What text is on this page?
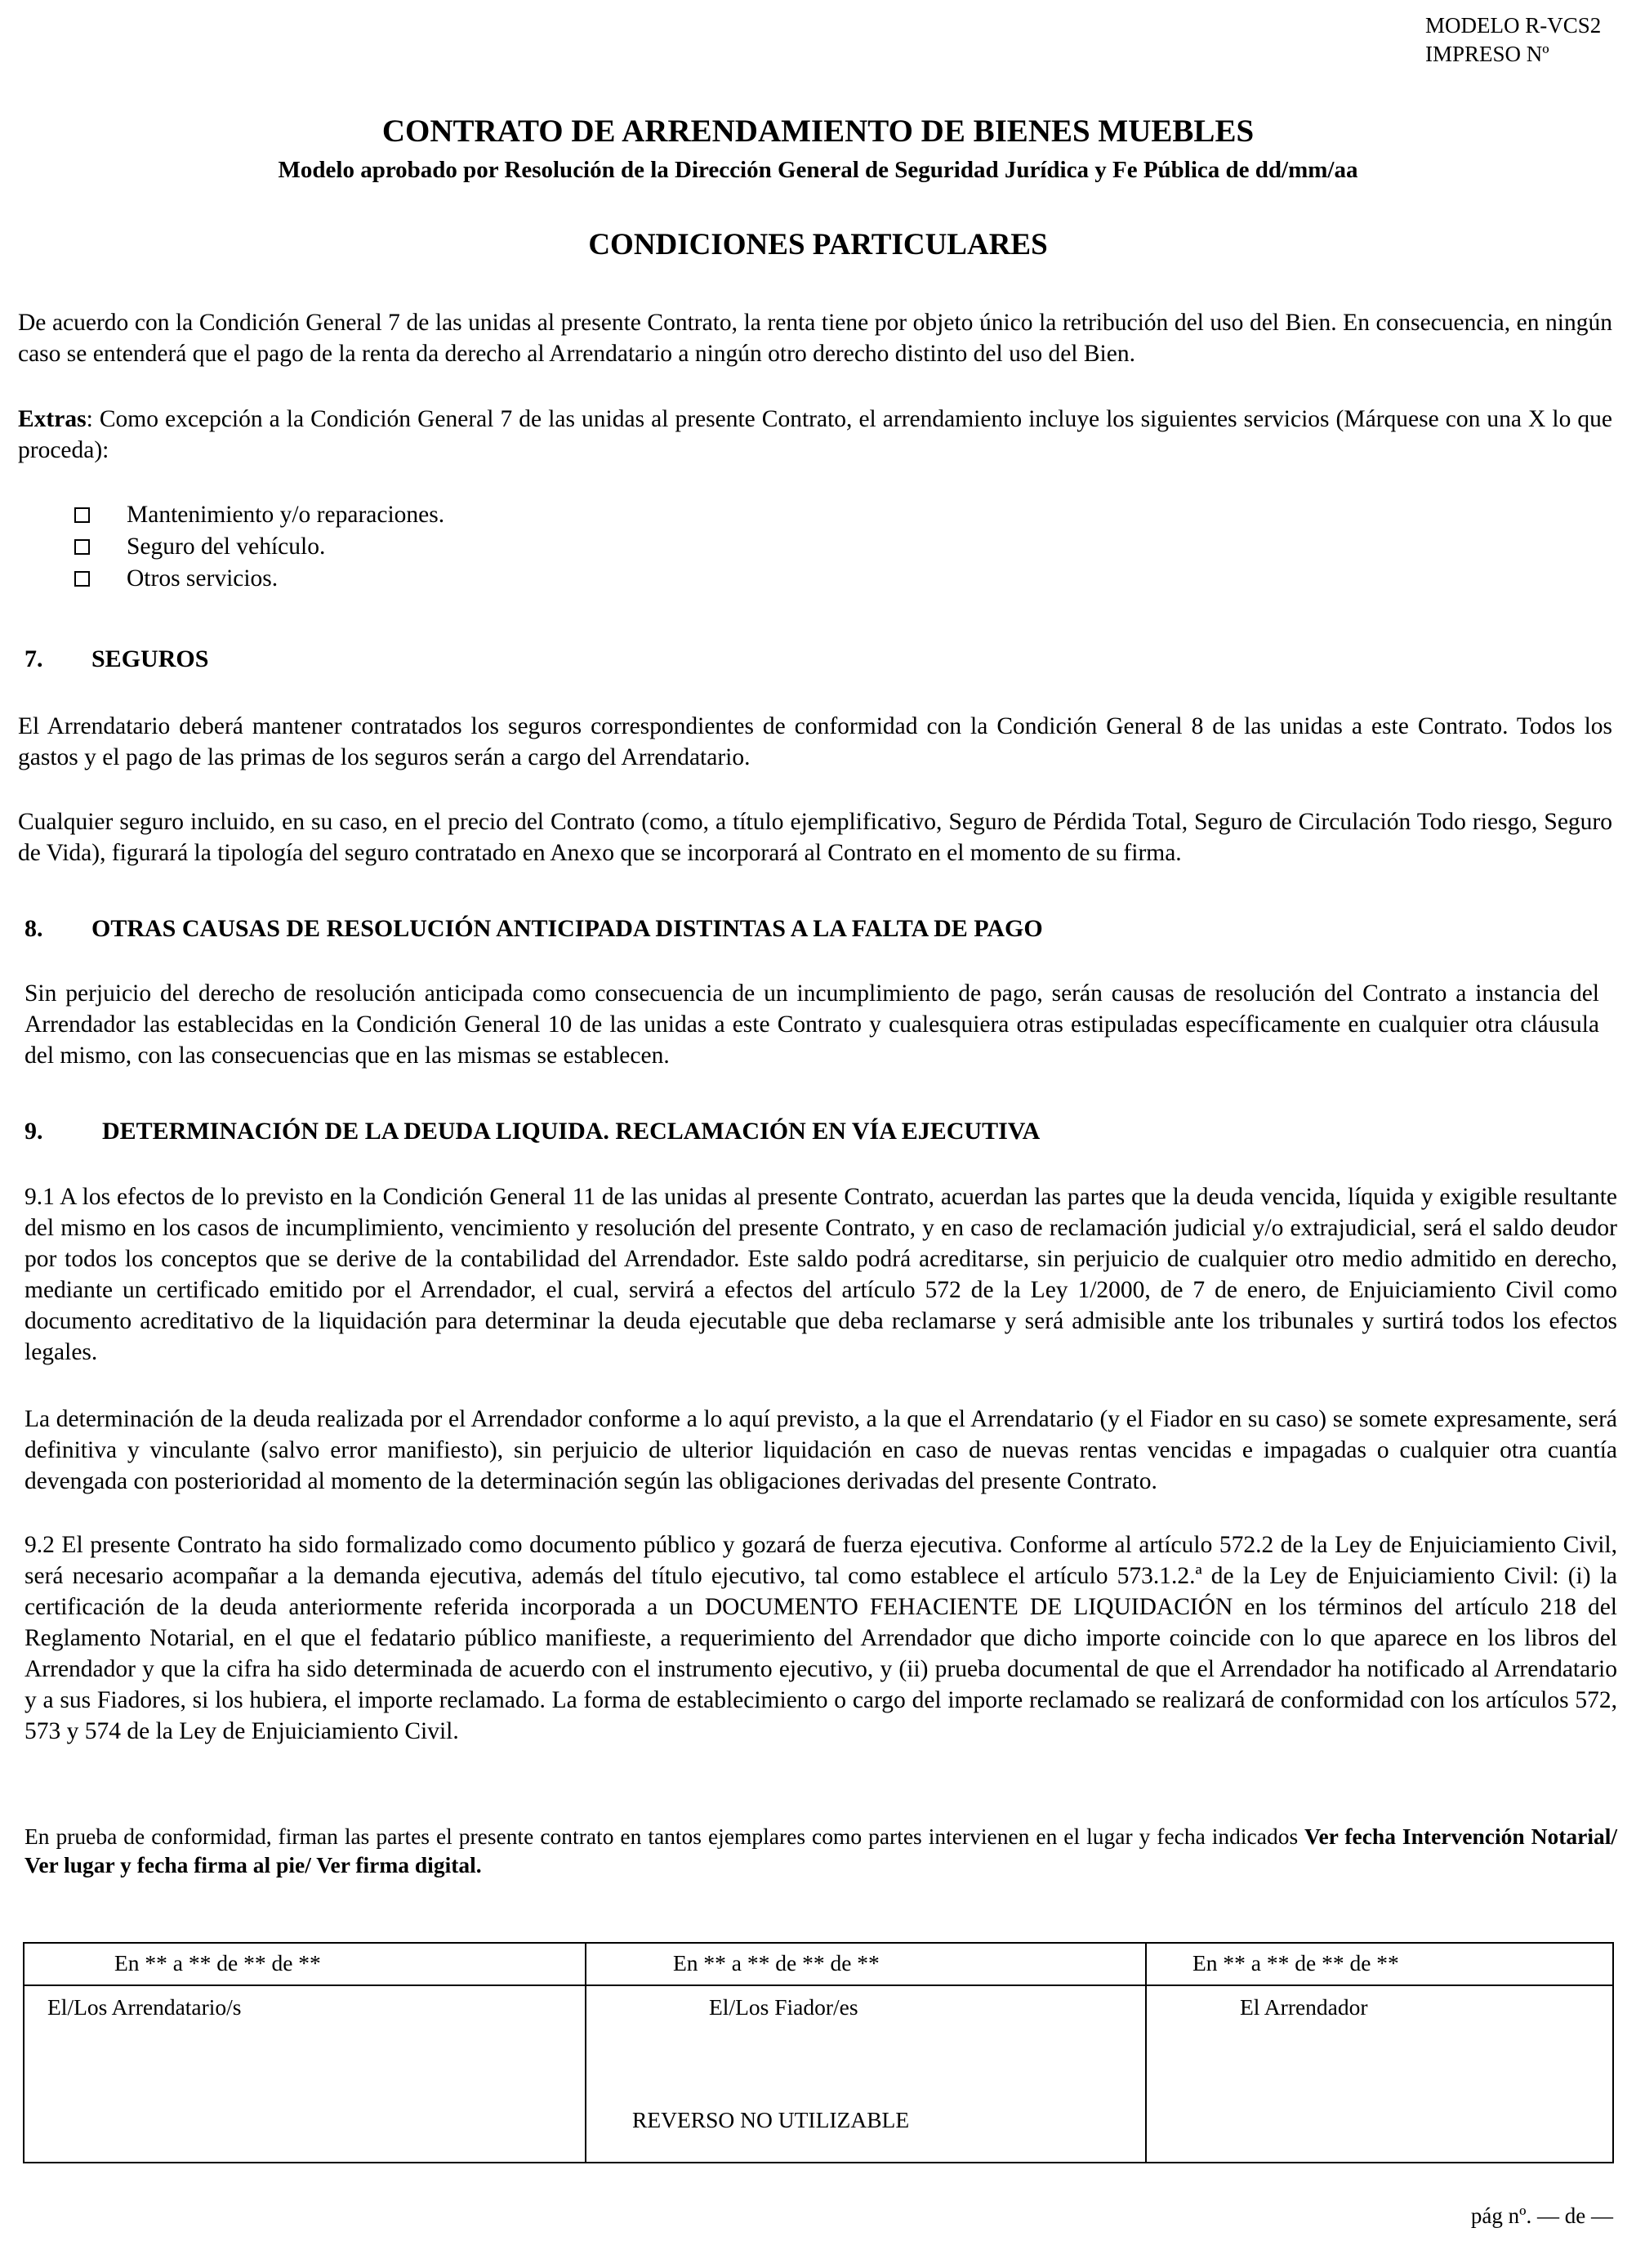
MODELO R-VCS2
IMPRESO Nº
CONTRATO DE ARRENDAMIENTO DE BIENES MUEBLES
Modelo aprobado por Resolución de la Dirección General de Seguridad Jurídica y Fe Pública de dd/mm/aa
CONDICIONES PARTICULARES
De acuerdo con la Condición General 7 de las unidas al presente Contrato, la renta tiene por objeto único la retribución del uso del Bien. En consecuencia, en ningún caso se entenderá que el pago de la renta da derecho al Arrendatario a ningún otro derecho distinto del uso del Bien.
Extras: Como excepción a la Condición General 7 de las unidas al presente Contrato, el arrendamiento incluye los siguientes servicios (Márquese con una X lo que proceda):
Mantenimiento y/o reparaciones.
Seguro del vehículo.
Otros servicios.
7. SEGUROS
El Arrendatario deberá mantener contratados los seguros correspondientes de conformidad con la Condición General 8 de las unidas a este Contrato. Todos los gastos y el pago de las primas de los seguros serán a cargo del Arrendatario.
Cualquier seguro incluido, en su caso, en el precio del Contrato (como, a título ejemplificativo, Seguro de Pérdida Total, Seguro de Circulación Todo riesgo, Seguro de Vida), figurará la tipología del seguro contratado en Anexo que se incorporará al Contrato en el momento de su firma.
8. OTRAS CAUSAS DE RESOLUCIÓN ANTICIPADA DISTINTAS A LA FALTA DE PAGO
Sin perjuicio del derecho de resolución anticipada como consecuencia de un incumplimiento de pago, serán causas de resolución del Contrato a instancia del Arrendador las establecidas en la Condición General 10 de las unidas a este Contrato y cualesquiera otras estipuladas específicamente en cualquier otra cláusula del mismo, con las consecuencias que en las mismas se establecen.
9. DETERMINACIÓN DE LA DEUDA LIQUIDA. RECLAMACIÓN EN VÍA EJECUTIVA
9.1 A los efectos de lo previsto en la Condición General 11 de las unidas al presente Contrato, acuerdan las partes que la deuda vencida, líquida y exigible resultante del mismo en los casos de incumplimiento, vencimiento y resolución del presente Contrato, y en caso de reclamación judicial y/o extrajudicial, será el saldo deudor por todos los conceptos que se derive de la contabilidad del Arrendador. Este saldo podrá acreditarse, sin perjuicio de cualquier otro medio admitido en derecho, mediante un certificado emitido por el Arrendador, el cual, servirá a efectos del artículo 572 de la Ley 1/2000, de 7 de enero, de Enjuiciamiento Civil como documento acreditativo de la liquidación para determinar la deuda ejecutable que deba reclamarse y será admisible ante los tribunales y surtirá todos los efectos legales.
La determinación de la deuda realizada por el Arrendador conforme a lo aquí previsto, a la que el Arrendatario (y el Fiador en su caso) se somete expresamente, será definitiva y vinculante (salvo error manifiesto), sin perjuicio de ulterior liquidación en caso de nuevas rentas vencidas e impagadas o cualquier otra cuantía devengada con posterioridad al momento de la determinación según las obligaciones derivadas del presente Contrato.
9.2 El presente Contrato ha sido formalizado como documento público y gozará de fuerza ejecutiva. Conforme al artículo 572.2 de la Ley de Enjuiciamiento Civil, será necesario acompañar a la demanda ejecutiva, además del título ejecutivo, tal como establece el artículo 573.1.2.ª de la Ley de Enjuiciamiento Civil: (i) la certificación de la deuda anteriormente referida incorporada a un DOCUMENTO FEHACIENTE DE LIQUIDACIÓN en los términos del artículo 218 del Reglamento Notarial, en el que el fedatario público manifieste, a requerimiento del Arrendador que dicho importe coincide con lo que aparece en los libros del Arrendador y que la cifra ha sido determinada de acuerdo con el instrumento ejecutivo, y (ii) prueba documental de que el Arrendador ha notificado al Arrendatario y a sus Fiadores, si los hubiera, el importe reclamado. La forma de establecimiento o cargo del importe reclamado se realizará de conformidad con los artículos 572, 573 y 574 de la Ley de Enjuiciamiento Civil.
En prueba de conformidad, firman las partes el presente contrato en tantos ejemplares como partes intervienen en el lugar y fecha indicados Ver fecha Intervención Notarial/ Ver lugar y fecha firma al pie/ Ver firma digital.
En ** a ** de ** de **	En ** a ** de ** de **	En ** a ** de ** de **
El/Los Arrendatario/s	El/Los Fiador/es	El Arrendador
REVERSO NO UTILIZABLE
pág nº. — de —
